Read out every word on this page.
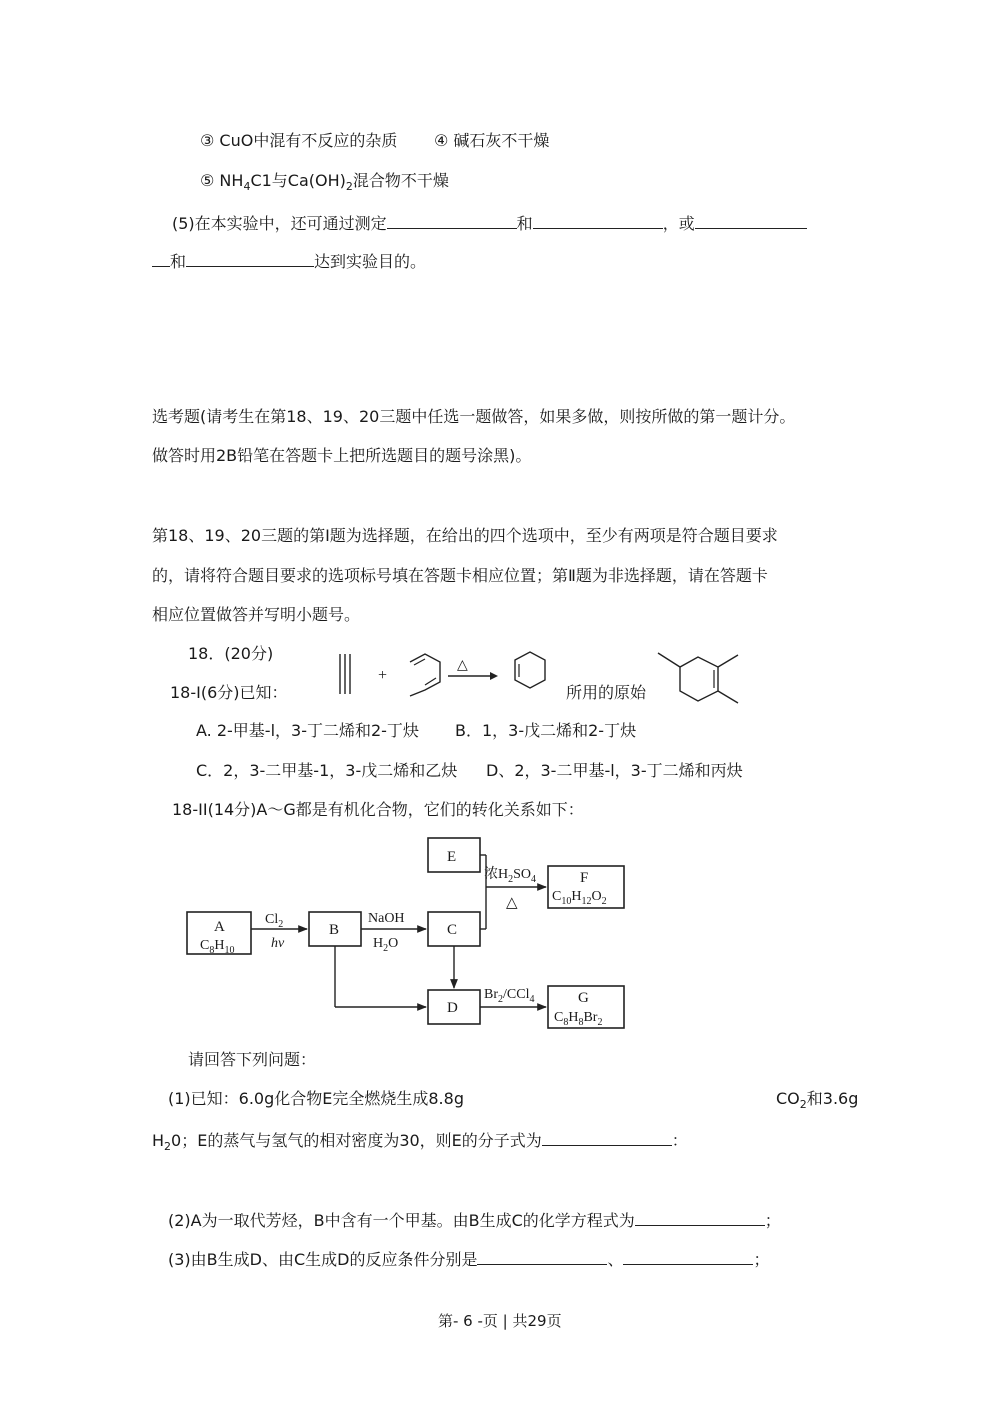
③ CuO中混有不反应的杂质 ④ 碱石灰不干燥
⑤ $NH_4C1$与$Ca(OH)_2$混合物不干燥
(5)在本实验中，还可通过测定	和	，或
和	达到实验目的。
选考题(请考生在第18、19、20三题中任选一题做答，如果多做，则按所做的第一题计分。
做答时用2B铅笔在答题卡上把所选题目的题号涂黑)。
第18、19、20三题的第Ⅰ题为选择题，在给出的四个选项中，至少有两项是符合题目要求
的，请将符合题目要求的选项标号填在答题卡相应位置；第Ⅱ题为非选择题，请在答题卡
相应位置做答并写明小题号。
18．(20分)
18-I(6分)已知：	所用的原始
+
△
A. 2-甲基-l，3-丁二烯和2-丁炔 B．1，3-戊二烯和2-丁炔
C．2，3-二甲基-1，3-戊二烯和乙炔 D、2，3-二甲基-l，3-丁二烯和丙炔
18-II(14分)A～G都是有机化合物，它们的转化关系如下：
A
$C_8H_{10}$
B	C
E
D
F
$C_{10}H_{12}O_2$
G
$C_8H_8Br_2$
$Cl_2$
hv
NaOH
$H_2O$
浓$H_2SO_4$
△
$Br_2/CCl_4$
请回答下列问题：
(1)已知：6.0g化合物E完全燃烧生成8.8g	$CO_2$和3.6g
$H_20$；E的蒸气与氢气的相对密度为30，则E的分子式为	：
(2)A为一取代芳烃，B中含有一个甲基。由B生成C的化学方程式为	；
(3)由B生成D、由C生成D的反应条件分别是	、	；
第- 6 -页 | 共29页
